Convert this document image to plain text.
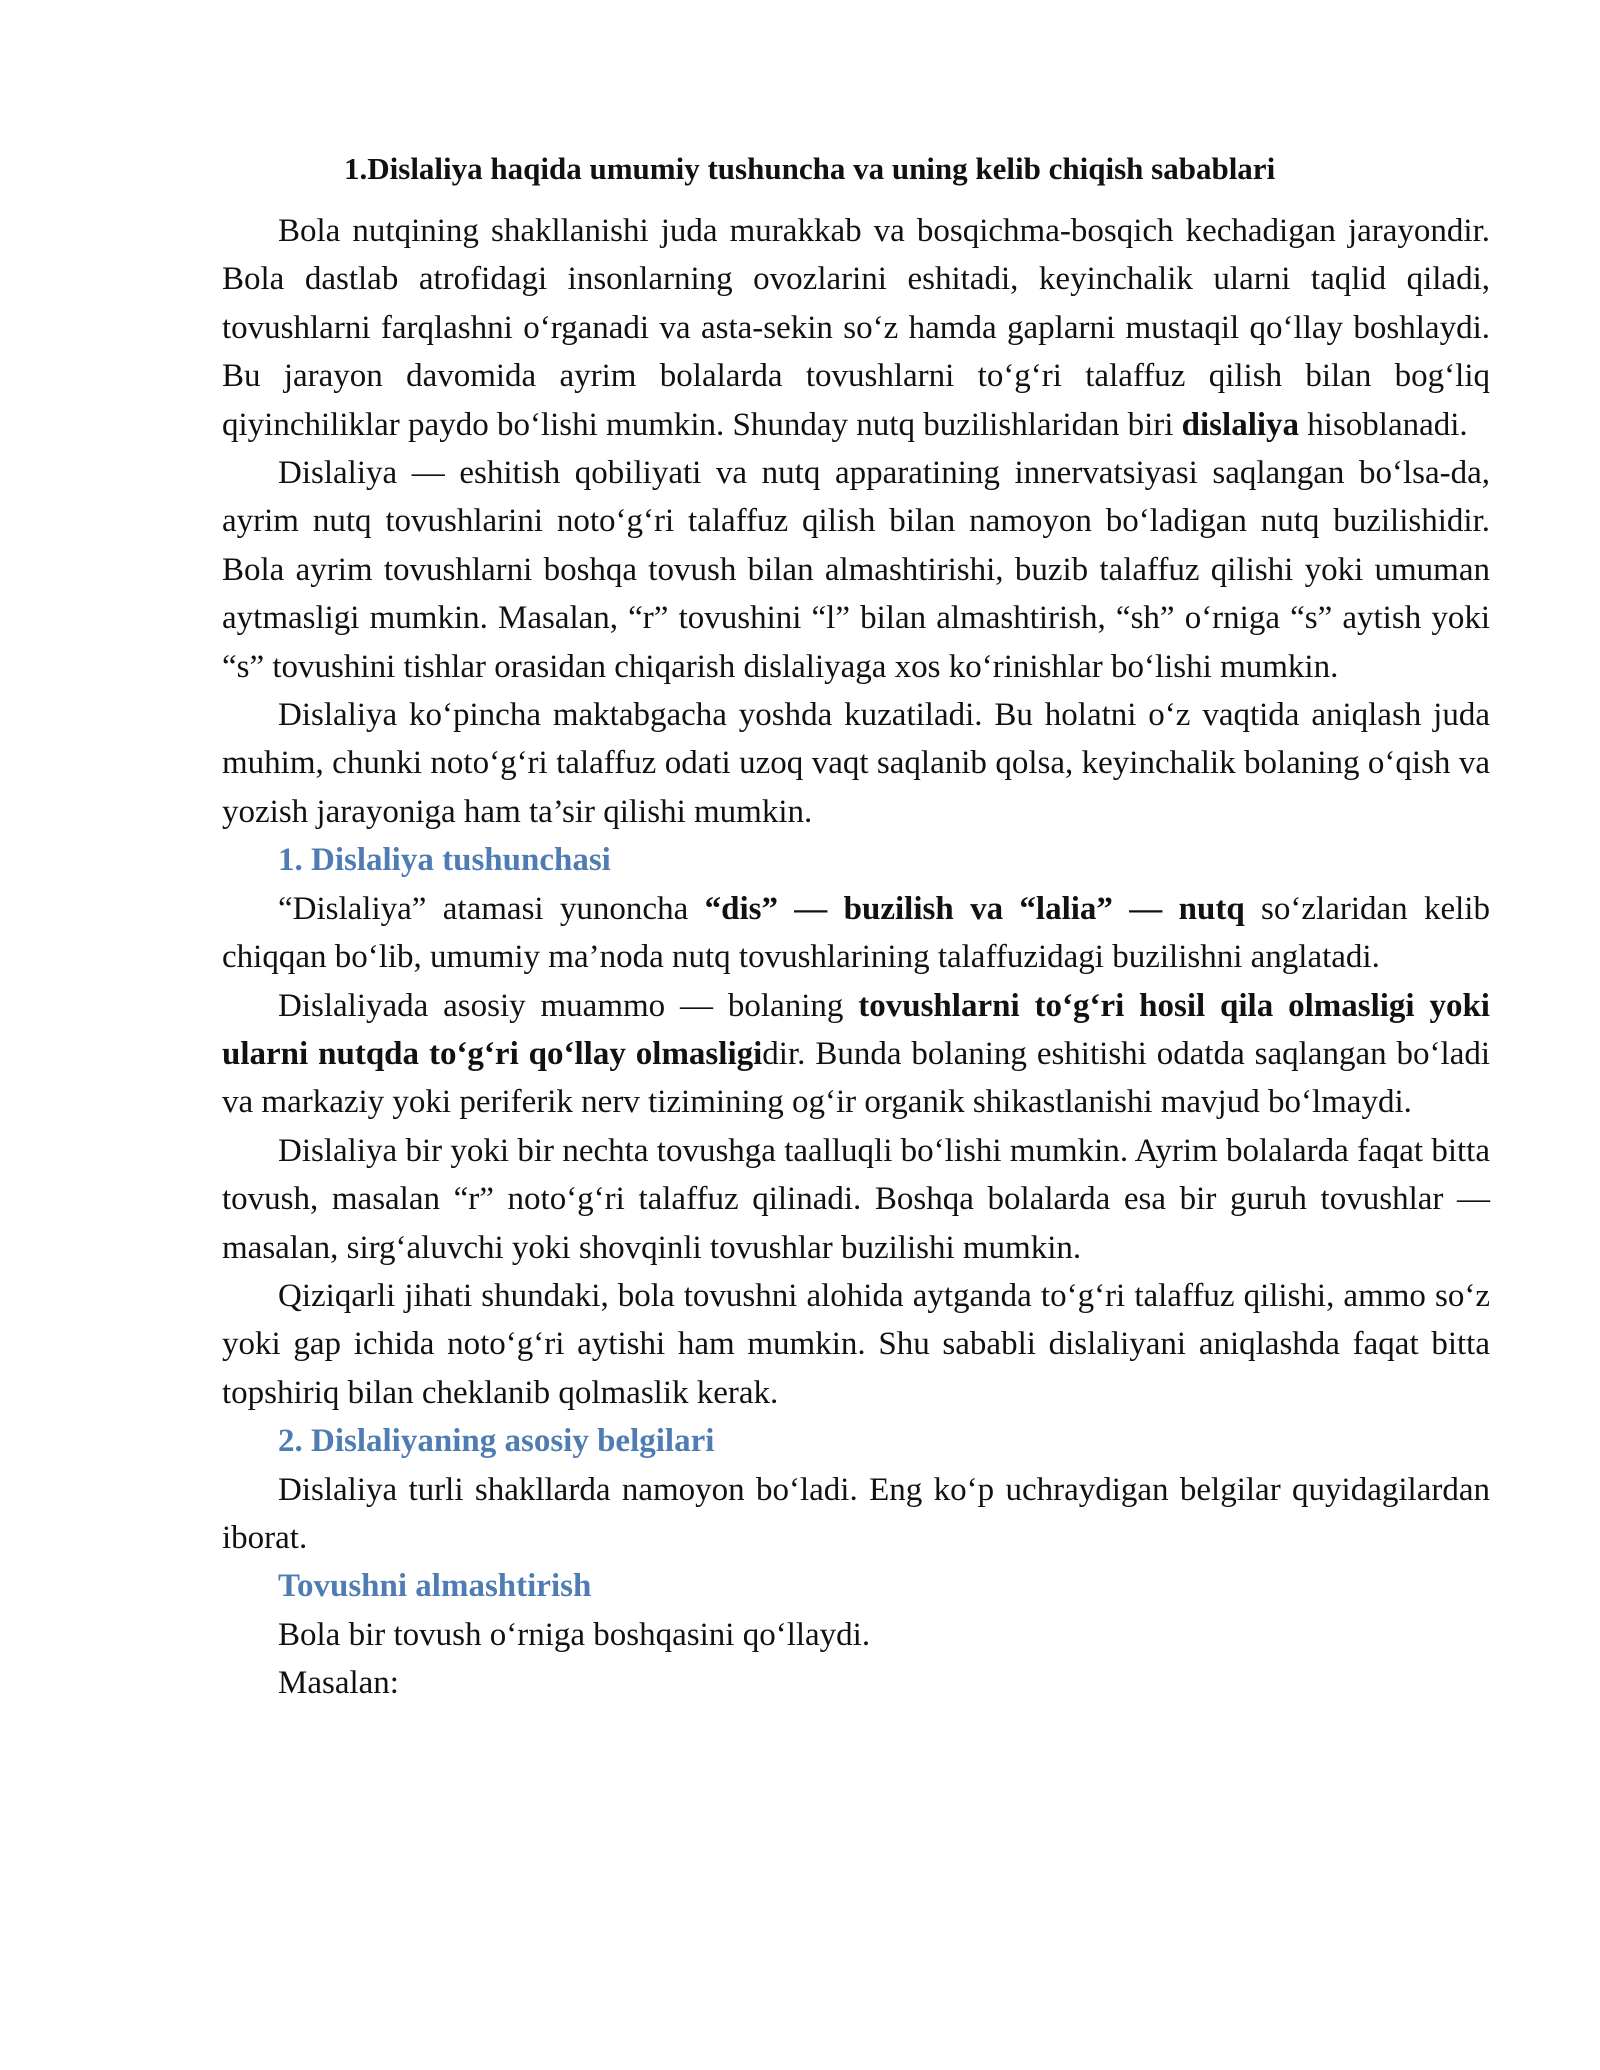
1.Dislaliya haqida umumiy tushuncha va uning kelib chiqish sabablari

Bola nutqining shakllanishi juda murakkab va bosqichma-bosqich kechadigan jarayondir. Bola dastlab atrofidagi insonlarning ovozlarini eshitadi, keyinchalik ularni taqlid qiladi, tovushlarni farqlashni o‘rganadi va asta-sekin so‘z hamda gaplarni mustaqil qo‘llay boshlaydi. Bu jarayon davomida ayrim bolalarda tovushlarni to‘g‘ri talaffuz qilish bilan bog‘liq qiyinchiliklar paydo bo‘lishi mumkin. Shunday nutq buzilishlaridan biri dislaliya hisoblanadi.

Dislaliya — eshitish qobiliyati va nutq apparatining innervatsiyasi saqlangan bo‘lsa-da, ayrim nutq tovushlarini noto‘g‘ri talaffuz qilish bilan namoyon bo‘ladigan nutq buzilishidir. Bola ayrim tovushlarni boshqa tovush bilan almashtirishi, buzib talaffuz qilishi yoki umuman aytmasligi mumkin. Masalan, “r” tovushini “l” bilan almashtirish, “sh” o‘rniga “s” aytish yoki “s” tovushini tishlar orasidan chiqarish dislaliyaga xos ko‘rinishlar bo‘lishi mumkin.

Dislaliya ko‘pincha maktabgacha yoshda kuzatiladi. Bu holatni o‘z vaqtida aniqlash juda muhim, chunki noto‘g‘ri talaffuz odati uzoq vaqt saqlanib qolsa, keyinchalik bolaning o‘qish va yozish jarayoniga ham ta’sir qilishi mumkin.

1. Dislaliya tushunchasi

“Dislaliya” atamasi yunoncha “dis” — buzilish va “lalia” — nutq so‘zlaridan kelib chiqqan bo‘lib, umumiy ma’noda nutq tovushlarining talaffuzidagi buzilishni anglatadi.

Dislaliyada asosiy muammo — bolaning tovushlarni to‘g‘ri hosil qila olmasligi yoki ularni nutqda to‘g‘ri qo‘llay olmasligidir. Bunda bolaning eshitishi odatda saqlangan bo‘ladi va markaziy yoki periferik nerv tizimining og‘ir organik shikastlanishi mavjud bo‘lmaydi.

Dislaliya bir yoki bir nechta tovushga taalluqli bo‘lishi mumkin. Ayrim bolalarda faqat bitta tovush, masalan “r” noto‘g‘ri talaffuz qilinadi. Boshqa bolalarda esa bir guruh tovushlar — masalan, sirg‘aluvchi yoki shovqinli tovushlar buzilishi mumkin.

Qiziqarli jihati shundaki, bola tovushni alohida aytganda to‘g‘ri talaffuz qilishi, ammo so‘z yoki gap ichida noto‘g‘ri aytishi ham mumkin. Shu sababli dislaliyani aniqlashda faqat bitta topshiriq bilan cheklanib qolmaslik kerak.

2. Dislaliyaning asosiy belgilari

Dislaliya turli shakllarda namoyon bo‘ladi. Eng ko‘p uchraydigan belgilar quyidagilardan iborat.

Tovushni almashtirish

Bola bir tovush o‘rniga boshqasini qo‘llaydi.

Masalan:
